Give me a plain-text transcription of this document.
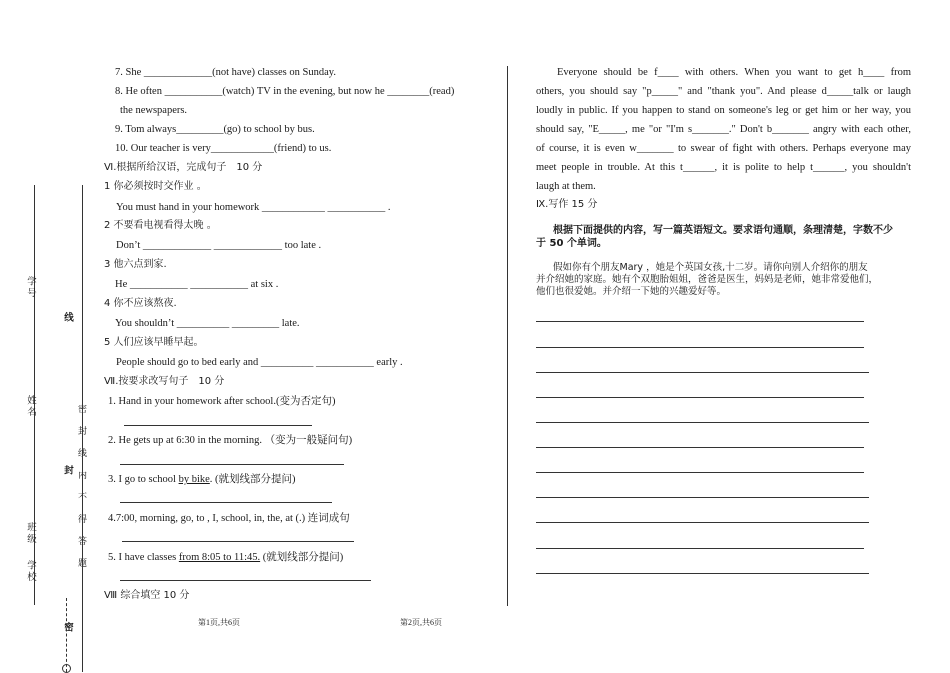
学号
姓名
班级
学校
线
封
密
密封线内不得答题
7. She _____________(not have) classes on Sunday.
8. He often ___________(watch) TV in the evening, but now he ________(read)
the newspapers.
9. Tom always_________(go) to school by bus.
10. Our teacher is very____________(friend) to us.
Ⅵ.根据所给汉语，完成句子　10 分
1 你必须按时交作业 。
You must hand in your homework ____________ ___________ .
2 不要看电视看得太晚 。
Don’t _____________ _____________ too late .
3 他六点到家.
He ___________ ___________ at six .
4 你不应该熬夜.
You shouldn’t __________ _________ late.
5 人们应该早睡早起。
People should go to bed early and __________ ___________ early .
Ⅶ.按要求改写句子　10 分
1. Hand in your homework after school.(变为否定句)
2. He gets up at 6:30 in the morning. （变为一般疑问句)
3. I go to school by bike. (就划线部分提问)
4.7:00, morning, go, to , I, school, in, the, at (.) 连词成句
5. I have classes from 8:05 to 11:45. (就划线部分提问)
Ⅷ 综合填空 10 分
第1页,共6页
Everyone should be f____ with others. When you want to get h____ from
others, you should say "p_____" and "thank you". And please d_____talk or laugh
loudly in public. If you happen to stand on someone's leg or get him or her way, you
should say, "E_____, me "or "I'm s_______." Don't b_______ angry with each other,
of course, it is even w_______ to swear of fight with others. Perhaps everyone may
meet people in trouble. At this t______, it is polite to help t______, you shouldn't
laugh at them.
Ⅸ.写作 15 分
根据下面提供的内容，写一篇英语短文。要求语句通顺，条理清楚，字数不少
于 50 个单词。
假如你有个朋友Mary ，她是个英国女孩,十二岁。请你向别人介绍你的朋友
并介绍她的家庭。她有个双胞胎姐姐，爸爸是医生，妈妈是老师，她非常爱他们，
他们也很爱她。并介绍一下她的兴趣爱好等。
第2页,共6页
